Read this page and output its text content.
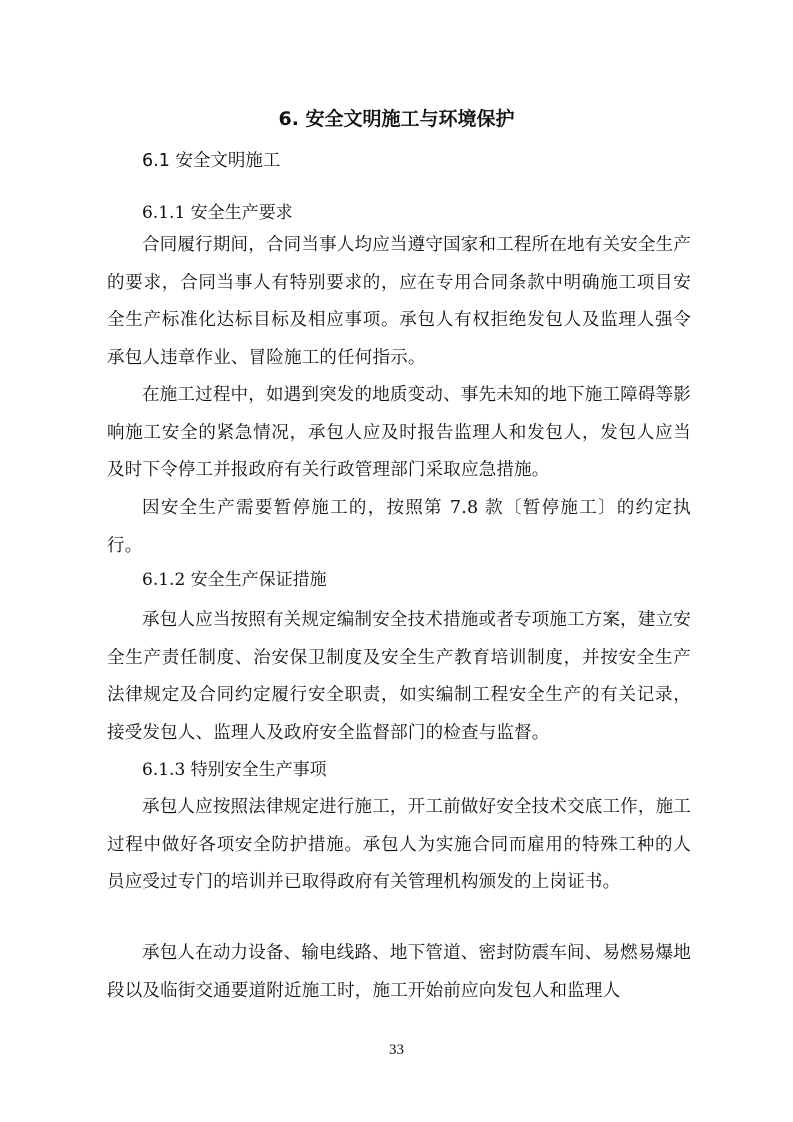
6. 安全文明施工与环境保护
6.1 安全文明施工
6.1.1 安全生产要求

合同履行期间，合同当事人均应当遵守国家和工程所在地有关安全生产的要求，合同当事人有特别要求的，应在专用合同条款中明确施工项目安全生产标准化达标目标及相应事项。承包人有权拒绝发包人及监理人强令承包人违章作业、冒险施工的任何指示。

在施工过程中，如遇到突发的地质变动、事先未知的地下施工障碍等影响施工安全的紧急情况，承包人应及时报告监理人和发包人，发包人应当及时下令停工并报政府有关行政管理部门采取应急措施。

因安全生产需要暂停施工的，按照第 7.8 款〔暂停施工〕的约定执行。

6.1.2 安全生产保证措施

承包人应当按照有关规定编制安全技术措施或者专项施工方案，建立安全生产责任制度、治安保卫制度及安全生产教育培训制度，并按安全生产法律规定及合同约定履行安全职责，如实编制工程安全生产的有关记录，接受发包人、监理人及政府安全监督部门的检查与监督。

6.1.3 特别安全生产事项

承包人应按照法律规定进行施工，开工前做好安全技术交底工作，施工过程中做好各项安全防护措施。承包人为实施合同而雇用的特殊工种的人员应受过专门的培训并已取得政府有关管理机构颁发的上岗证书。

承包人在动力设备、输电线路、地下管道、密封防震车间、易燃易爆地段以及临街交通要道附近施工时，施工开始前应向发包人和监理人

33
